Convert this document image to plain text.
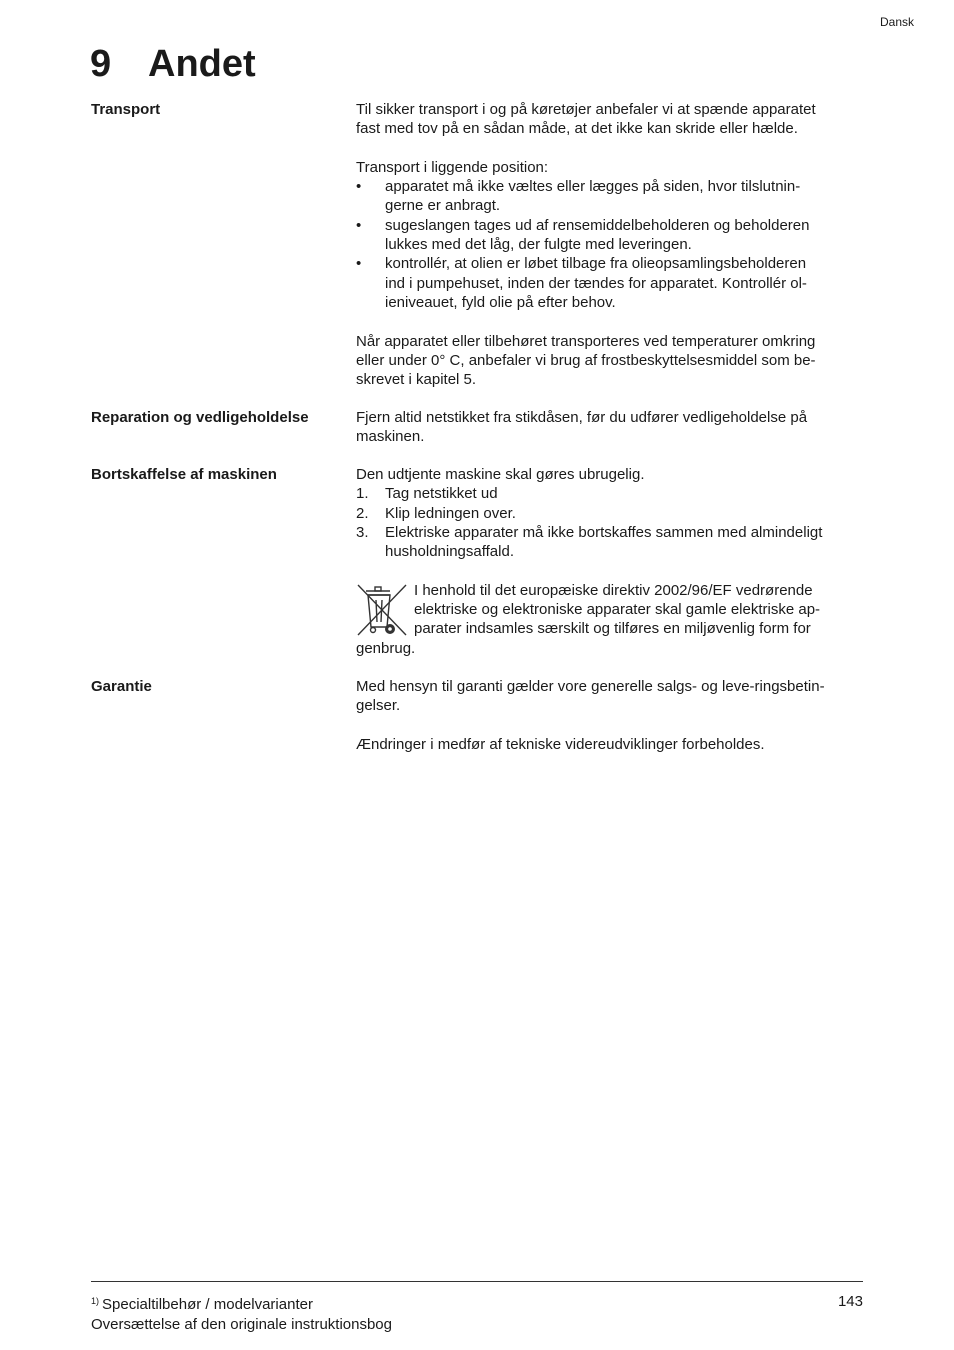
Dansk
9 Andet
Transport	Til sikker transport i og på køretøjer anbefaler vi at spænde apparatet

fast med tov på en sådan måde, at det ikke kan skride eller hælde.

Transport i liggende position:

• apparatet må ikke væltes eller lægges på siden, hvor tilslutnin-

gerne er anbragt.

• sugeslangen tages ud af rensemiddelbeholderen og beholderen

lukkes med det låg, der fulgte med leveringen.

• kontrollér, at olien er løbet tilbage fra olieopsamlingsbeholderen

ind i pumpehuset, inden der tændes for apparatet. Kontrollér ol-

ieniveauet, fyld olie på efter behov.

Når apparatet eller tilbehøret transporteres ved temperaturer omkring

eller under 0° C, anbefaler vi brug af frostbeskyttelsesmiddel som be-

skrevet i kapitel 5.

Reparation og vedligeholdelse	Fjern altid netstikket fra stikdåsen, før du udfører vedligeholdelse på

maskinen.

Bortskaffelse af maskinen	Den udtjente maskine skal gøres ubrugelig.

1. Tag netstikket ud

2. Klip ledningen over.

3. Elektriske apparater må ikke bortskaffes sammen med almindeligt

husholdningsaffald.

I henhold til det europæiske direktiv 2002/96/EF vedrørende

elektriske og elektroniske apparater skal gamle elektriske ap-

parater indsamles særskilt og tilføres en miljøvenlig form for

genbrug.

Garantie	Med hensyn til garanti gælder vore generelle salgs- og leve-ringsbetin-

gelser.

Ændringer i medfør af tekniske videreudviklinger forbeholdes.

$^{1)}$ Specialtilbehør / modelvarianter
Oversættelse af den originale instruktionsbog
143
